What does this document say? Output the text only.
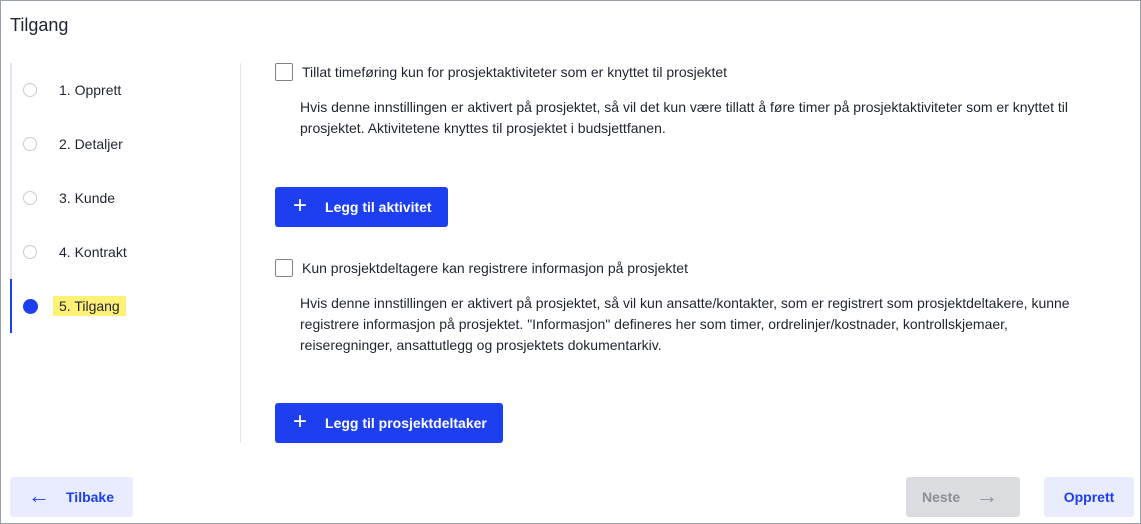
Tilgang
1. Opprett
2. Detaljer
3. Kunde
4. Kontrakt
5. Tilgang
Tillat timeføring kun for prosjektaktiviteter som er knyttet til prosjektet
Hvis denne innstillingen er aktivert på prosjektet, så vil det kun være tillatt å føre timer på prosjektaktiviteter som er knyttet til prosjektet. Aktivitetene knyttes til prosjektet i budsjettfanen.
+ Legg til aktivitet
Kun prosjektdeltagere kan registrere informasjon på prosjektet
Hvis denne innstillingen er aktivert på prosjektet, så vil kun ansatte/kontakter, som er registrert som prosjektdeltakere, kunne registrere informasjon på prosjektet. "Informasjon" defineres her som timer, ordrelinjer/kostnader, kontrollskjemaer, reiseregninger, ansattutlegg og prosjektets dokumentarkiv.
+ Legg til prosjektdeltaker
← Tilbake	Neste →	Opprett
